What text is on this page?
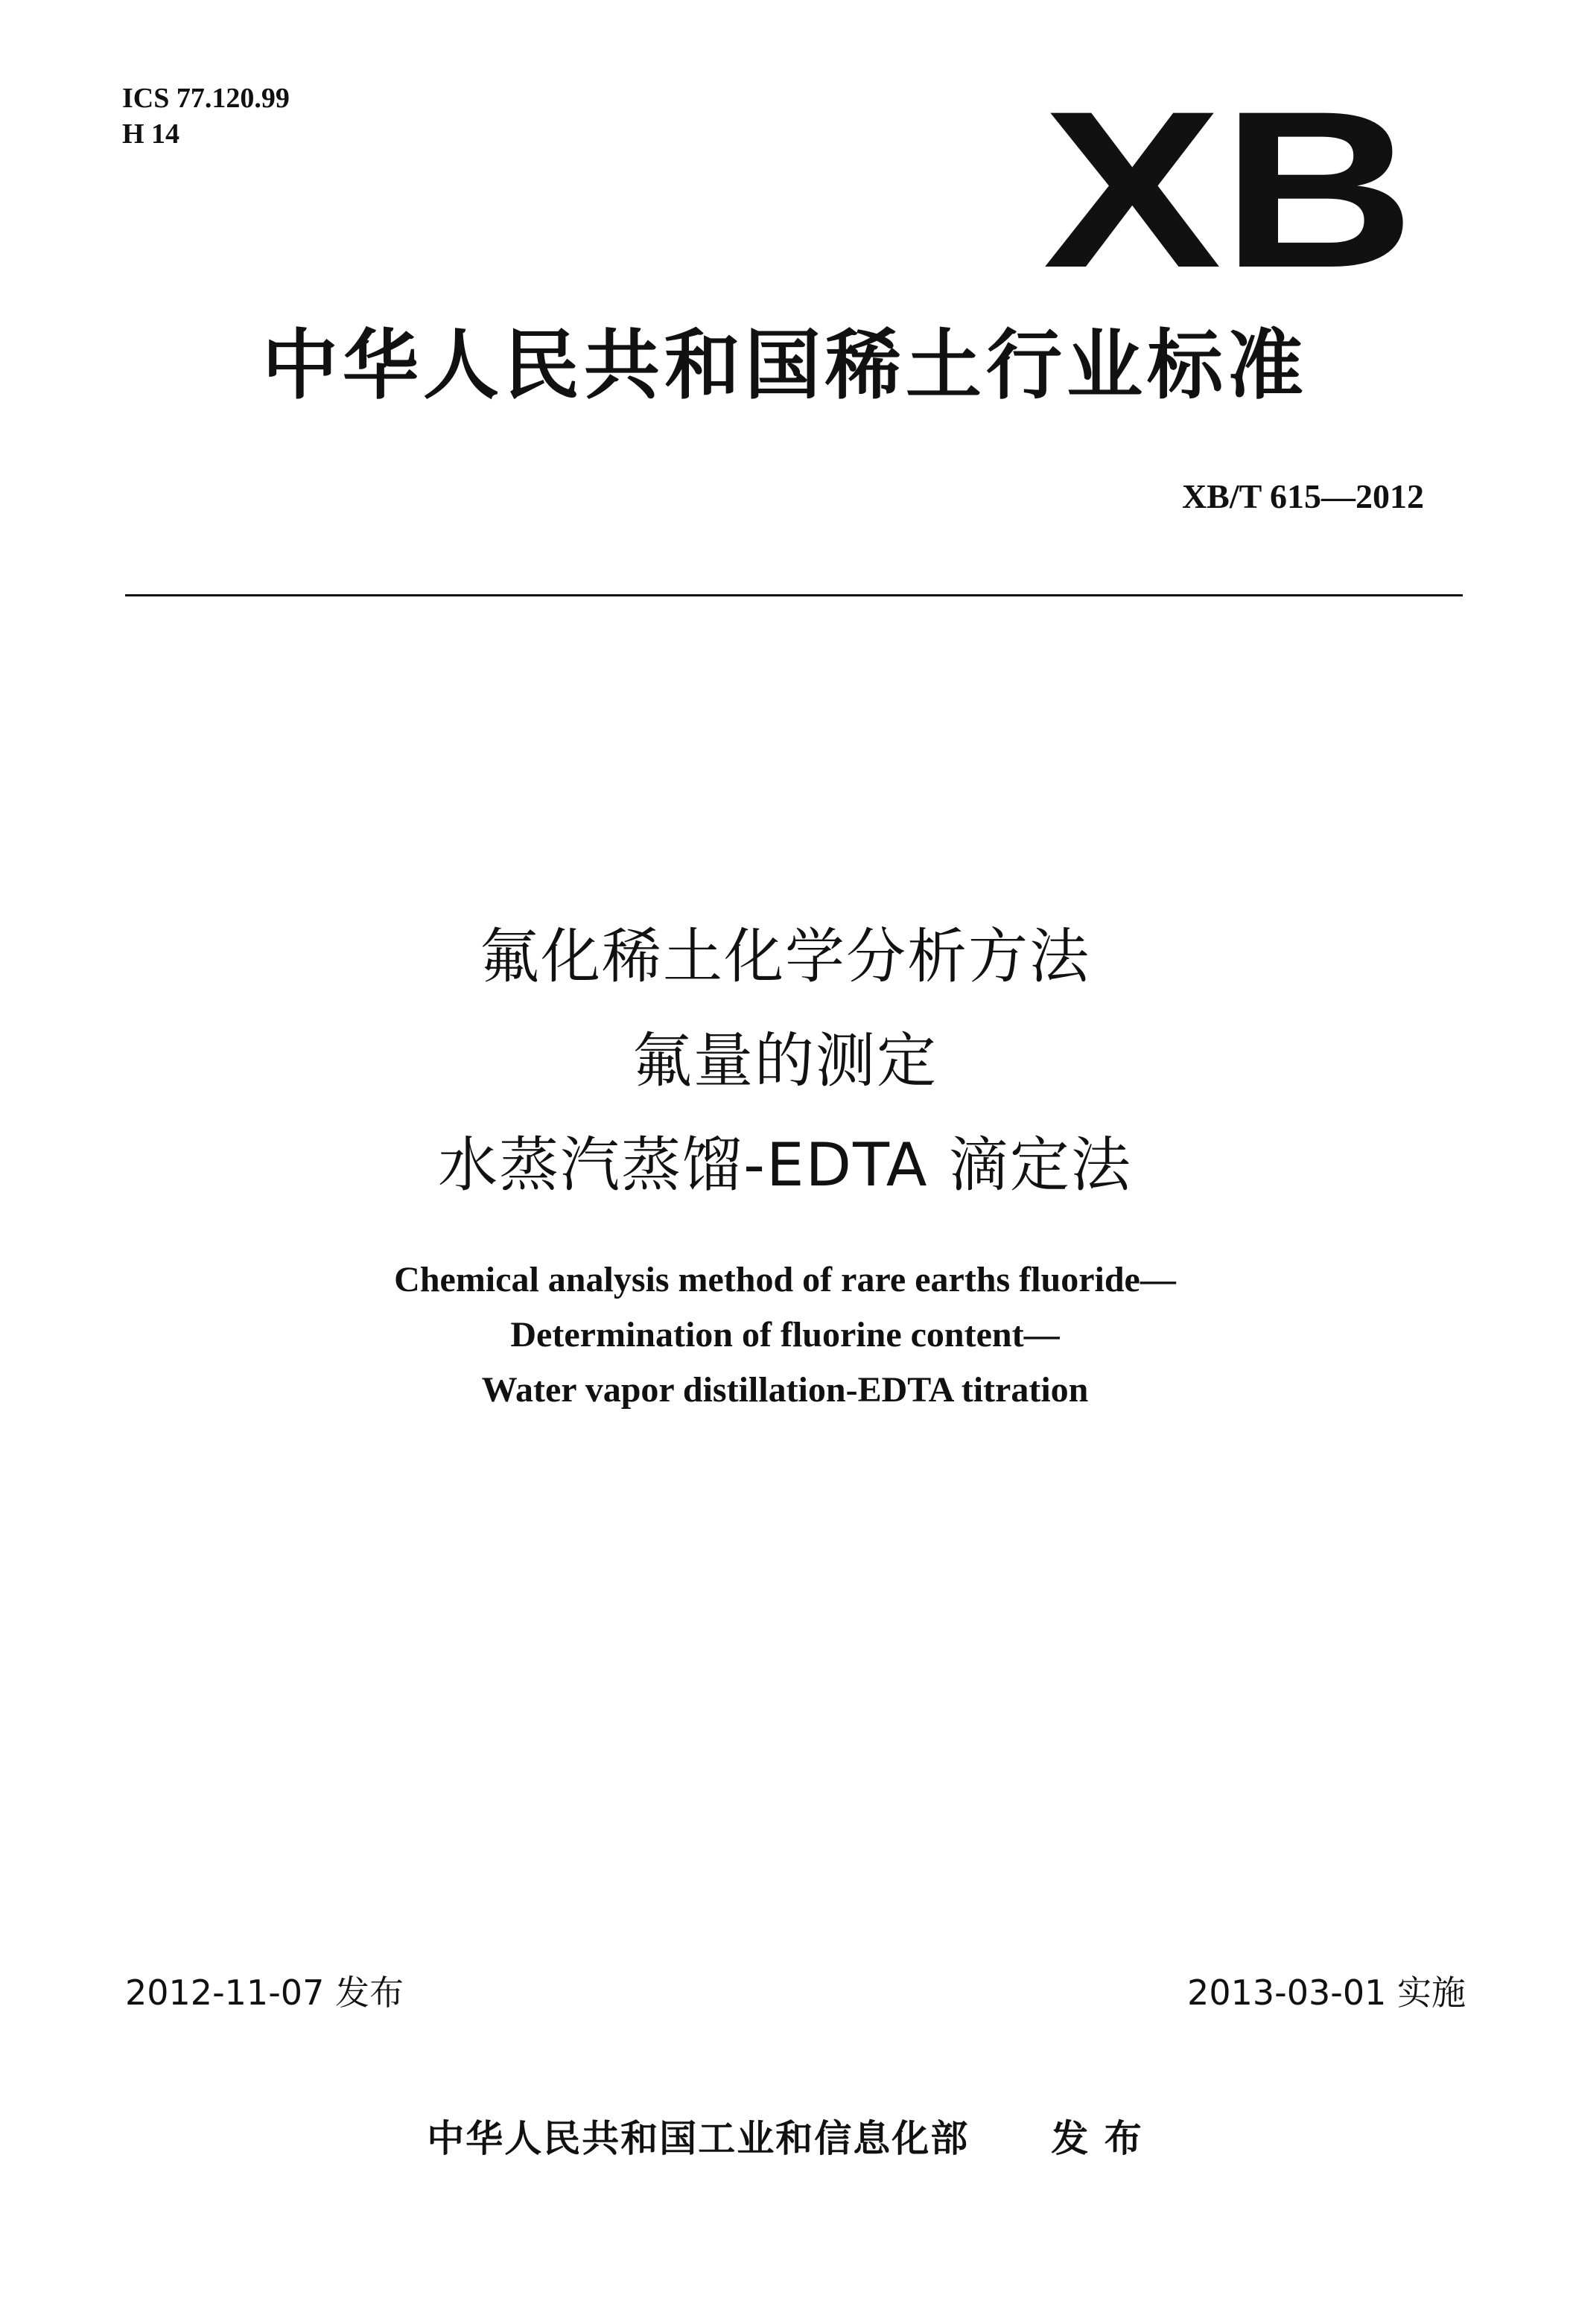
ICS 77.120.99
H 14	XB
中华人民共和国稀土行业标准
XB/T 615—2012
氟化稀土化学分析方法
氟量的测定
水蒸汽蒸馏-EDTA 滴定法
Chemical analysis method of rare earths fluoride—
Determination of fluorine content—
Water vapor distillation-EDTA titration
2012-11-07 发布	2013-03-01 实施
中华人民共和国工业和信息化部 发 布
